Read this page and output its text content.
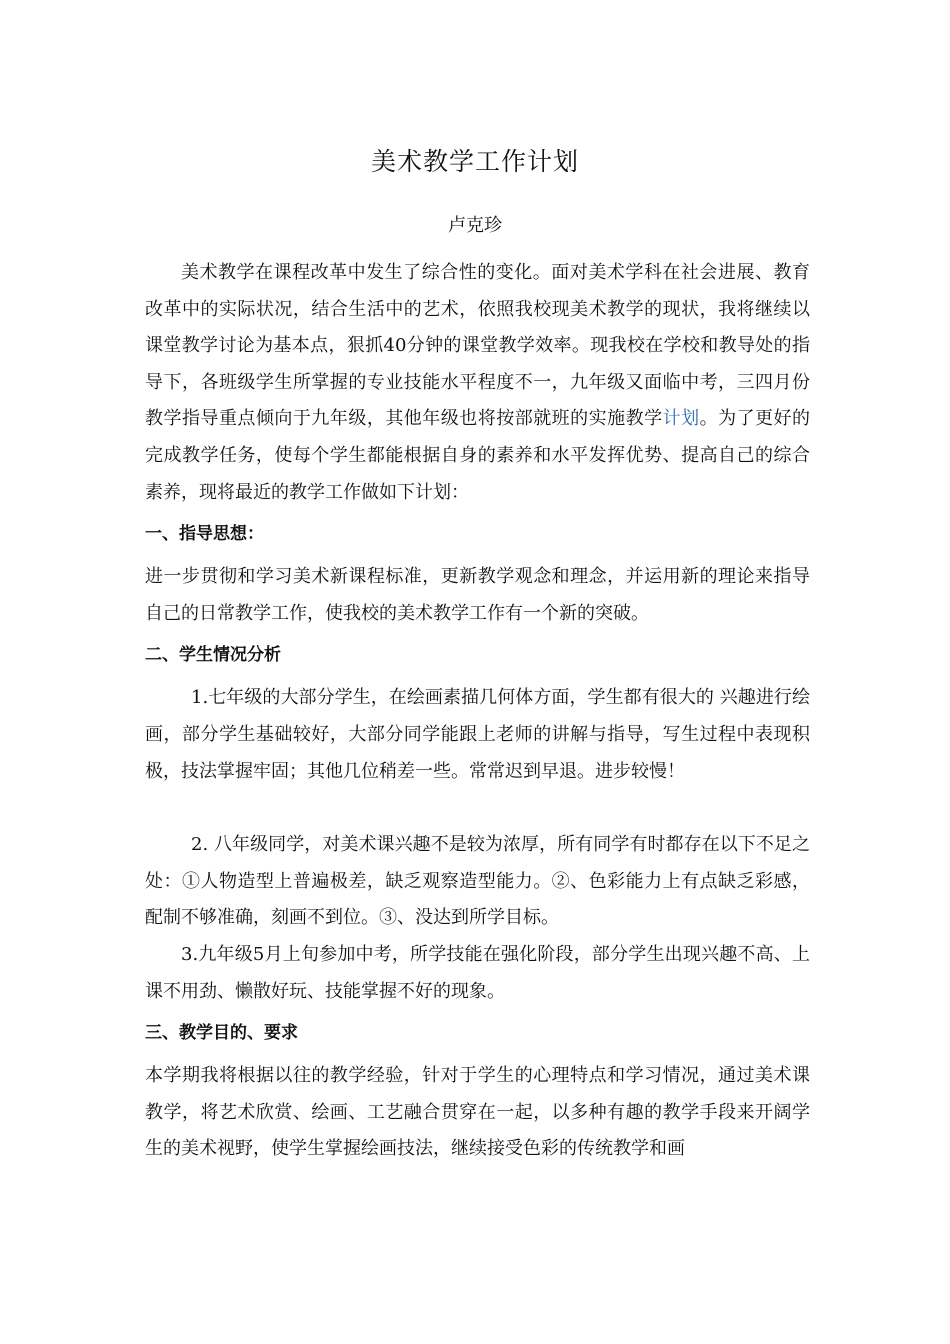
美术教学工作计划
卢克珍

美术教学在课程改革中发生了综合性的变化。面对美术学科在社会进展、教育改革中的实际状况，结合生活中的艺术，依照我校现美术教学的现状，我将继续以课堂教学讨论为基本点，狠抓40分钟的课堂教学效率。现我校在学校和教导处的指导下，各班级学生所掌握的专业技能水平程度不一，九年级又面临中考，三四月份教学指导重点倾向于九年级，其他年级也将按部就班的实施教学计划。为了更好的完成教学任务，使每个学生都能根据自身的素养和水平发挥优势、提高自己的综合素养，现将最近的教学工作做如下计划：

一、指导思想：

进一步贯彻和学习美术新课程标准，更新教学观念和理念，并运用新的理论来指导自己的日常教学工作，使我校的美术教学工作有一个新的突破。

二、学生情况分析

1.七年级的大部分学生，在绘画素描几何体方面，学生都有很大的 兴趣进行绘画，部分学生基础较好，大部分同学能跟上老师的讲解与指导，写生过程中表现积极，技法掌握牢固；其他几位稍差一些。常常迟到早退。进步较慢！

2. 八年级同学，对美术课兴趣不是较为浓厚，所有同学有时都存在以下不足之处：①人物造型上普遍极差，缺乏观察造型能力。②、色彩能力上有点缺乏彩感，配制不够准确，刻画不到位。③、没达到所学目标。

3.九年级5月上旬参加中考，所学技能在强化阶段，部分学生出现兴趣不高、上课不用劲、懒散好玩、技能掌握不好的现象。

三、教学目的、要求

本学期我将根据以往的教学经验，针对于学生的心理特点和学习情况，通过美术课教学，将艺术欣赏、绘画、工艺融合贯穿在一起，以多种有趣的教学手段来开阔学生的美术视野，使学生掌握绘画技法，继续接受色彩的传统教学和画
